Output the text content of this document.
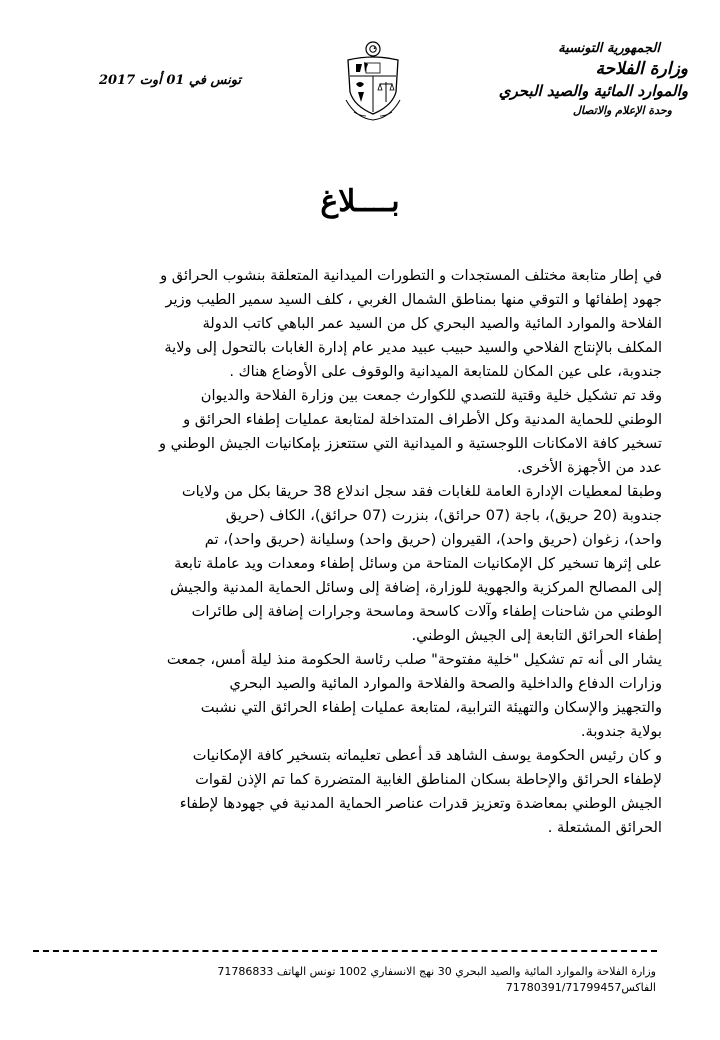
الجمهورية التونسية
وزارة الفلاحة
والموارد المائية والصيد البحري
وحدة الإعلام والاتصال
تونس في 01 أوت 2017
بــــلاغ
في إطار متابعة مختلف المستجدات و التطورات الميدانية المتعلقة بنشوب الحرائق و
جهود إطفائها و التوقي منها بمناطق الشمال الغربي ، كلف السيد سمير الطيب وزير
الفلاحة والموارد المائية والصيد البحري كل من السيد عمر الباهي كاتب الدولة
المكلف بالإنتاج الفلاحي والسيد حبيب عبيد مدير عام إدارة الغابات بالتحول إلى ولاية
جندوبة، على عين المكان للمتابعة الميدانية والوقوف على الأوضاع هناك .
وقد تم تشكيل خلية وقتية للتصدي للكوارث جمعت بين وزارة الفلاحة والديوان
الوطني للحماية المدنية وكل الأطراف المتداخلة لمتابعة عمليات إطفاء الحرائق و
تسخير كافة الامكانات اللوجستية و الميدانية التي ستتعزز بإمكانيات الجيش الوطني و
عدد من الأجهزة الأخرى.
وطبقا لمعطيات الإدارة العامة للغابات فقد سجل اندلاع 38 حريقا بكل من ولايات
جندوبة (20 حريق)، باجة (07 حرائق)، بنزرت (07 حرائق)، الكاف (حريق
واحد)، زغوان (حريق واحد)، القيروان (حريق واحد) وسليانة (حريق واحد)، تم
على إثرها تسخير كل الإمكانيات المتاحة من وسائل إطفاء ومعدات ويد عاملة تابعة
إلى المصالح المركزية والجهوية للوزارة، إضافة إلى وسائل الحماية المدنية والجيش
الوطني من شاحنات إطفاء وآلات كاسحة وماسحة وجرارات إضافة إلى طائرات
إطفاء الحرائق التابعة إلى الجيش الوطني.
يشار الى أنه تم تشكيل "خلية مفتوحة" صلب رئاسة الحكومة منذ ليلة أمس، جمعت
وزارات الدفاع والداخلية والصحة والفلاحة والموارد المائية والصيد البحري
والتجهيز والإسكان والتهيئة الترابية، لمتابعة عمليات إطفاء الحرائق التي نشبت
بولاية جندوبة.
و كان رئيس الحكومة يوسف الشاهد قد أعطى تعليماته بتسخير كافة الإمكانيات
لإطفاء الحرائق والإحاطة بسكان المناطق الغابية المتضررة كما تم الإذن لقوات
الجيش الوطني بمعاضدة وتعزيز قدرات عناصر الحماية المدنية في جهودها لإطفاء
الحرائق المشتعلة .
وزارة الفلاحة والموارد المائية والصيد البحري 30 نهج الانسفاري 1002 تونس الهاتف 71786833
الفاكس71780391/71799457
